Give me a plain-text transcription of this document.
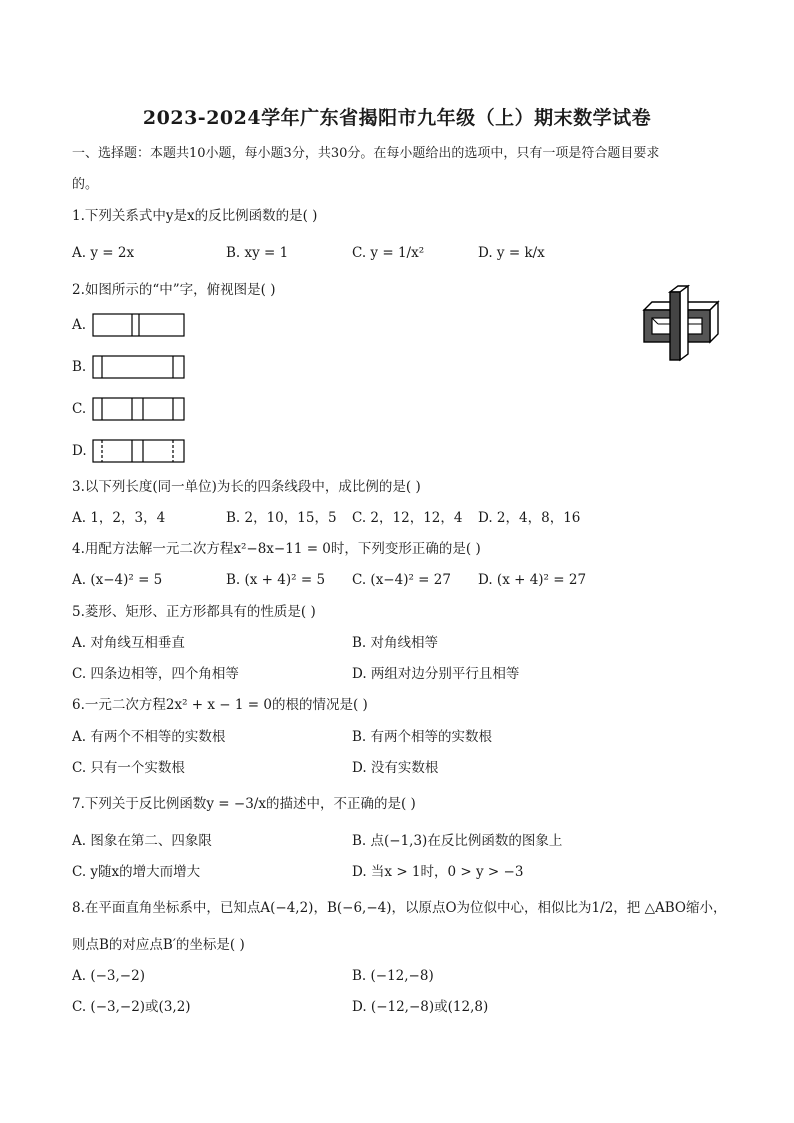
2023-2024学年广东省揭阳市九年级（上）期末数学试卷
一、选择题：本题共10小题，每小题3分，共30分。在每小题给出的选项中，只有一项是符合题目要求
的。
1.下列关系式中y是x的反比例函数的是( )
A. y = 2x	B. xy = 1	C. y = 1/x²	D. y = k/x
2.如图所示的“中”字，俯视图是( )
A.
B.
C.
D.
3.以下列长度(同一单位)为长的四条线段中，成比例的是( )
A. 1，2，3，4	B. 2，10，15，5 C. 2，12，12，4 D. 2，4，8，16
4.用配方法解一元二次方程x²−8x−11 = 0时，下列变形正确的是( )
A. (x−4)² = 5	B. (x + 4)² = 5 C. (x−4)² = 27 D. (x + 4)² = 27
5.菱形、矩形、正方形都具有的性质是( )
A. 对角线互相垂直	B. 对角线相等
C. 四条边相等，四个角相等	D. 两组对边分别平行且相等
6.一元二次方程2x² + x − 1 = 0的根的情况是( )
A. 有两个不相等的实数根	B. 有两个相等的实数根
C. 只有一个实数根	D. 没有实数根
7.下列关于反比例函数y = −3/x的描述中，不正确的是( )
A. 图象在第二、四象限	B. 点(−1,3)在反比例函数的图象上
C. y随x的增大而增大	D. 当x > 1时，0 > y > −3
8.在平面直角坐标系中，已知点A(−4,2)，B(−6,−4)，以原点O为位似中心，相似比为1/2，把 △ABO缩小，
则点B的对应点B′的坐标是( )
A. (−3,−2)	B. (−12,−8)
C. (−3,−2)或(3,2)	D. (−12,−8)或(12,8)
